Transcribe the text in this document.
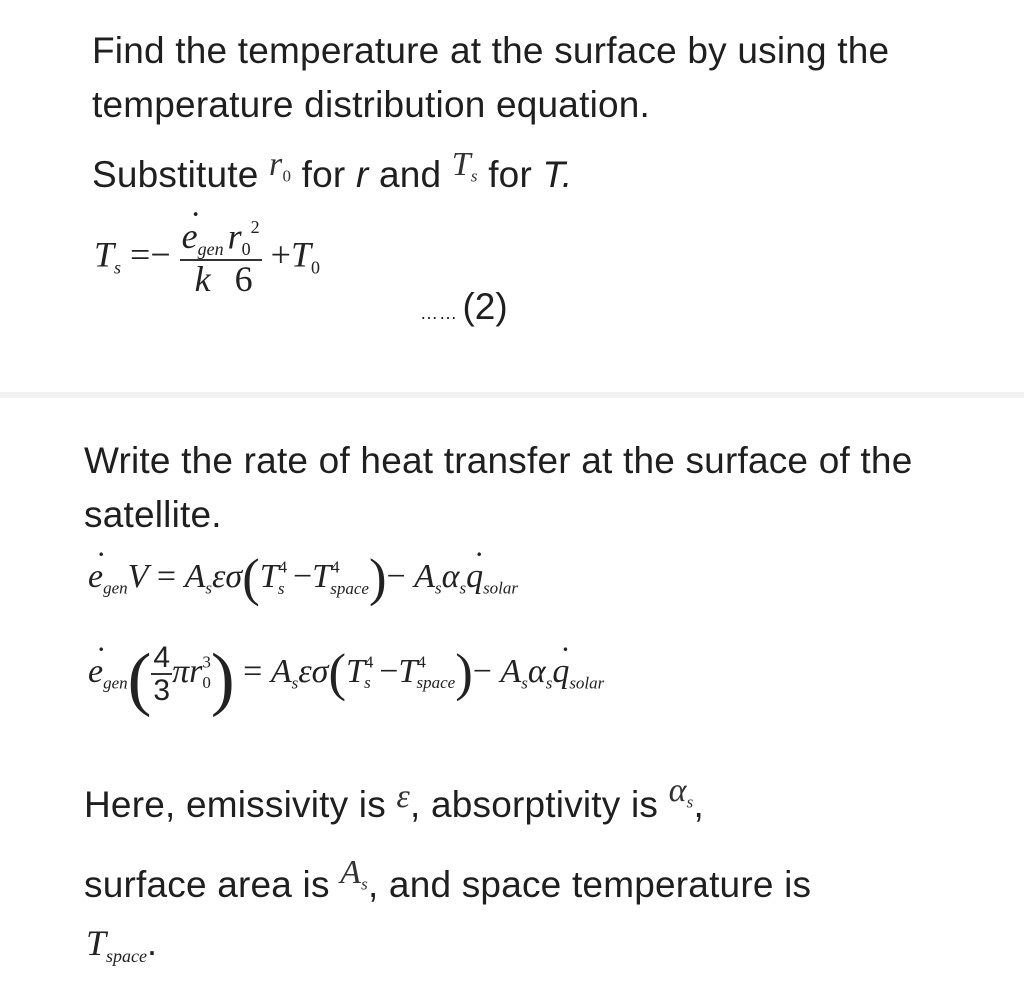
Find the temperature at the surface by using the temperature distribution equation.

Substitute $r_0$ for r and $T_s$ for T.

$T_s$ =−
˙ $\frac{e_{gen}}{k} \frac{r_0^2}{6} +T_0$
…… (2)

Write the rate of heat transfer at the surface of the satellite.

˙ $e_{gen}V = A_s\varepsilon\sigma(T^4_s -T^4_{space})-$ $A_s\alpha_s˙$ $q_{solar}$
˙ $e_{gen}( \frac{4}{3} \pi r^3_0) = A_s\varepsilon\sigma(T^4_s -T^4_{space})-$ $A_s\alpha_s˙$ $q_{solar}$

Here, emissivity is ε, absorptivity is $\alpha_s$,

surface area is $A_s$, and space temperature is

$T_{space}$.
